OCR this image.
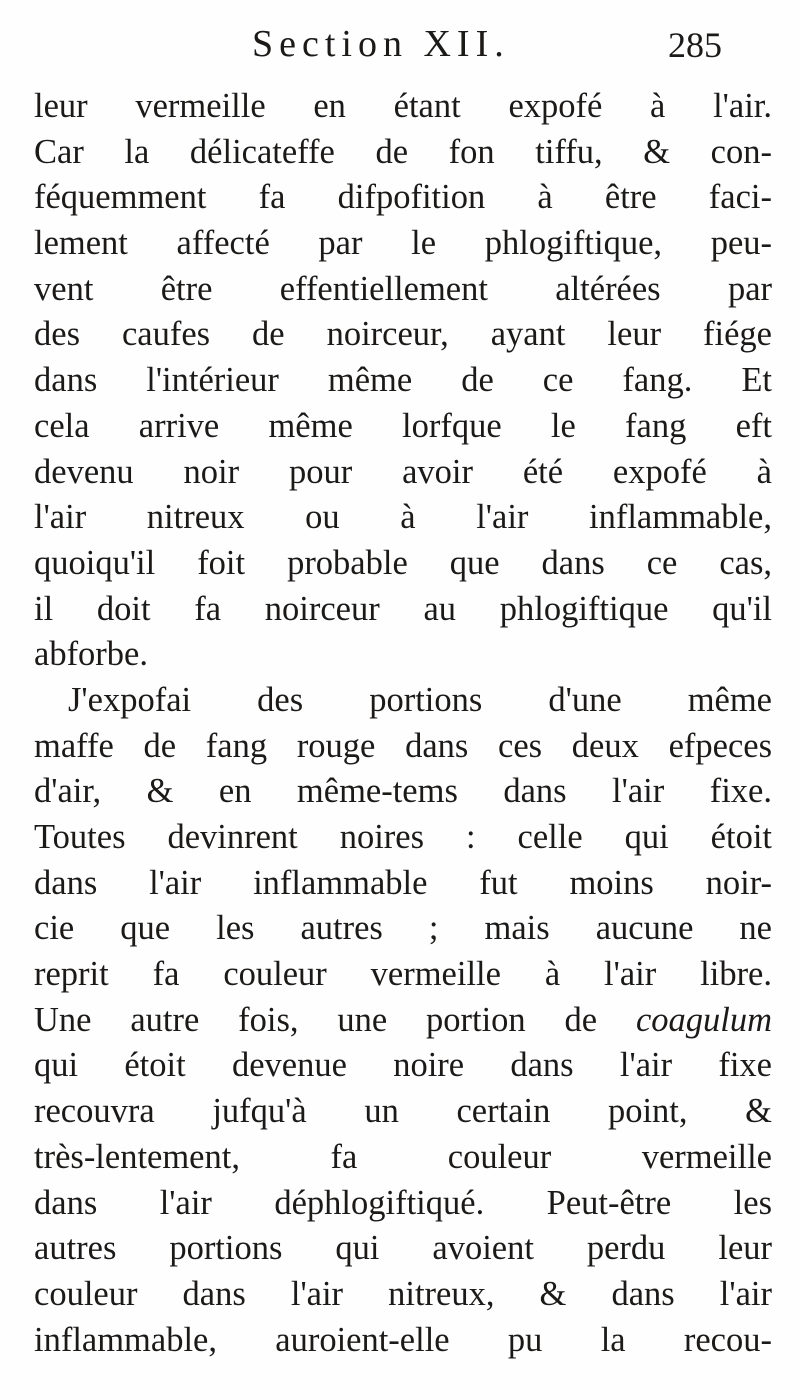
Section XII.	285
leur vermeille en étant expofé à l'air.
Car la délicateffe de fon tiffu, & con-
féquemment fa difpofition à être faci-
lement affecté par le phlogiftique, peu-
vent être effentiellement altérées par
des caufes de noirceur, ayant leur fiége
dans l'intérieur même de ce fang. Et
cela arrive même lorfque le fang eft
devenu noir pour avoir été expofé à
l'air nitreux ou à l'air inflammable,
quoiqu'il foit probable que dans ce cas,
il doit fa noirceur au phlogiftique qu'il
abforbe.
J'expofai des portions d'une même
maffe de fang rouge dans ces deux efpeces
d'air, & en même-tems dans l'air fixe.
Toutes devinrent noires : celle qui étoit
dans l'air inflammable fut moins noir-
cie que les autres ; mais aucune ne
reprit fa couleur vermeille à l'air libre.
Une autre fois, une portion de coagulum
qui étoit devenue noire dans l'air fixe
recouvra jufqu'à un certain point, &
très-lentement, fa couleur vermeille
dans l'air déphlogiftiqué. Peut-être les
autres portions qui avoient perdu leur
couleur dans l'air nitreux, & dans l'air
inflammable, auroient-elle pu la recou-
